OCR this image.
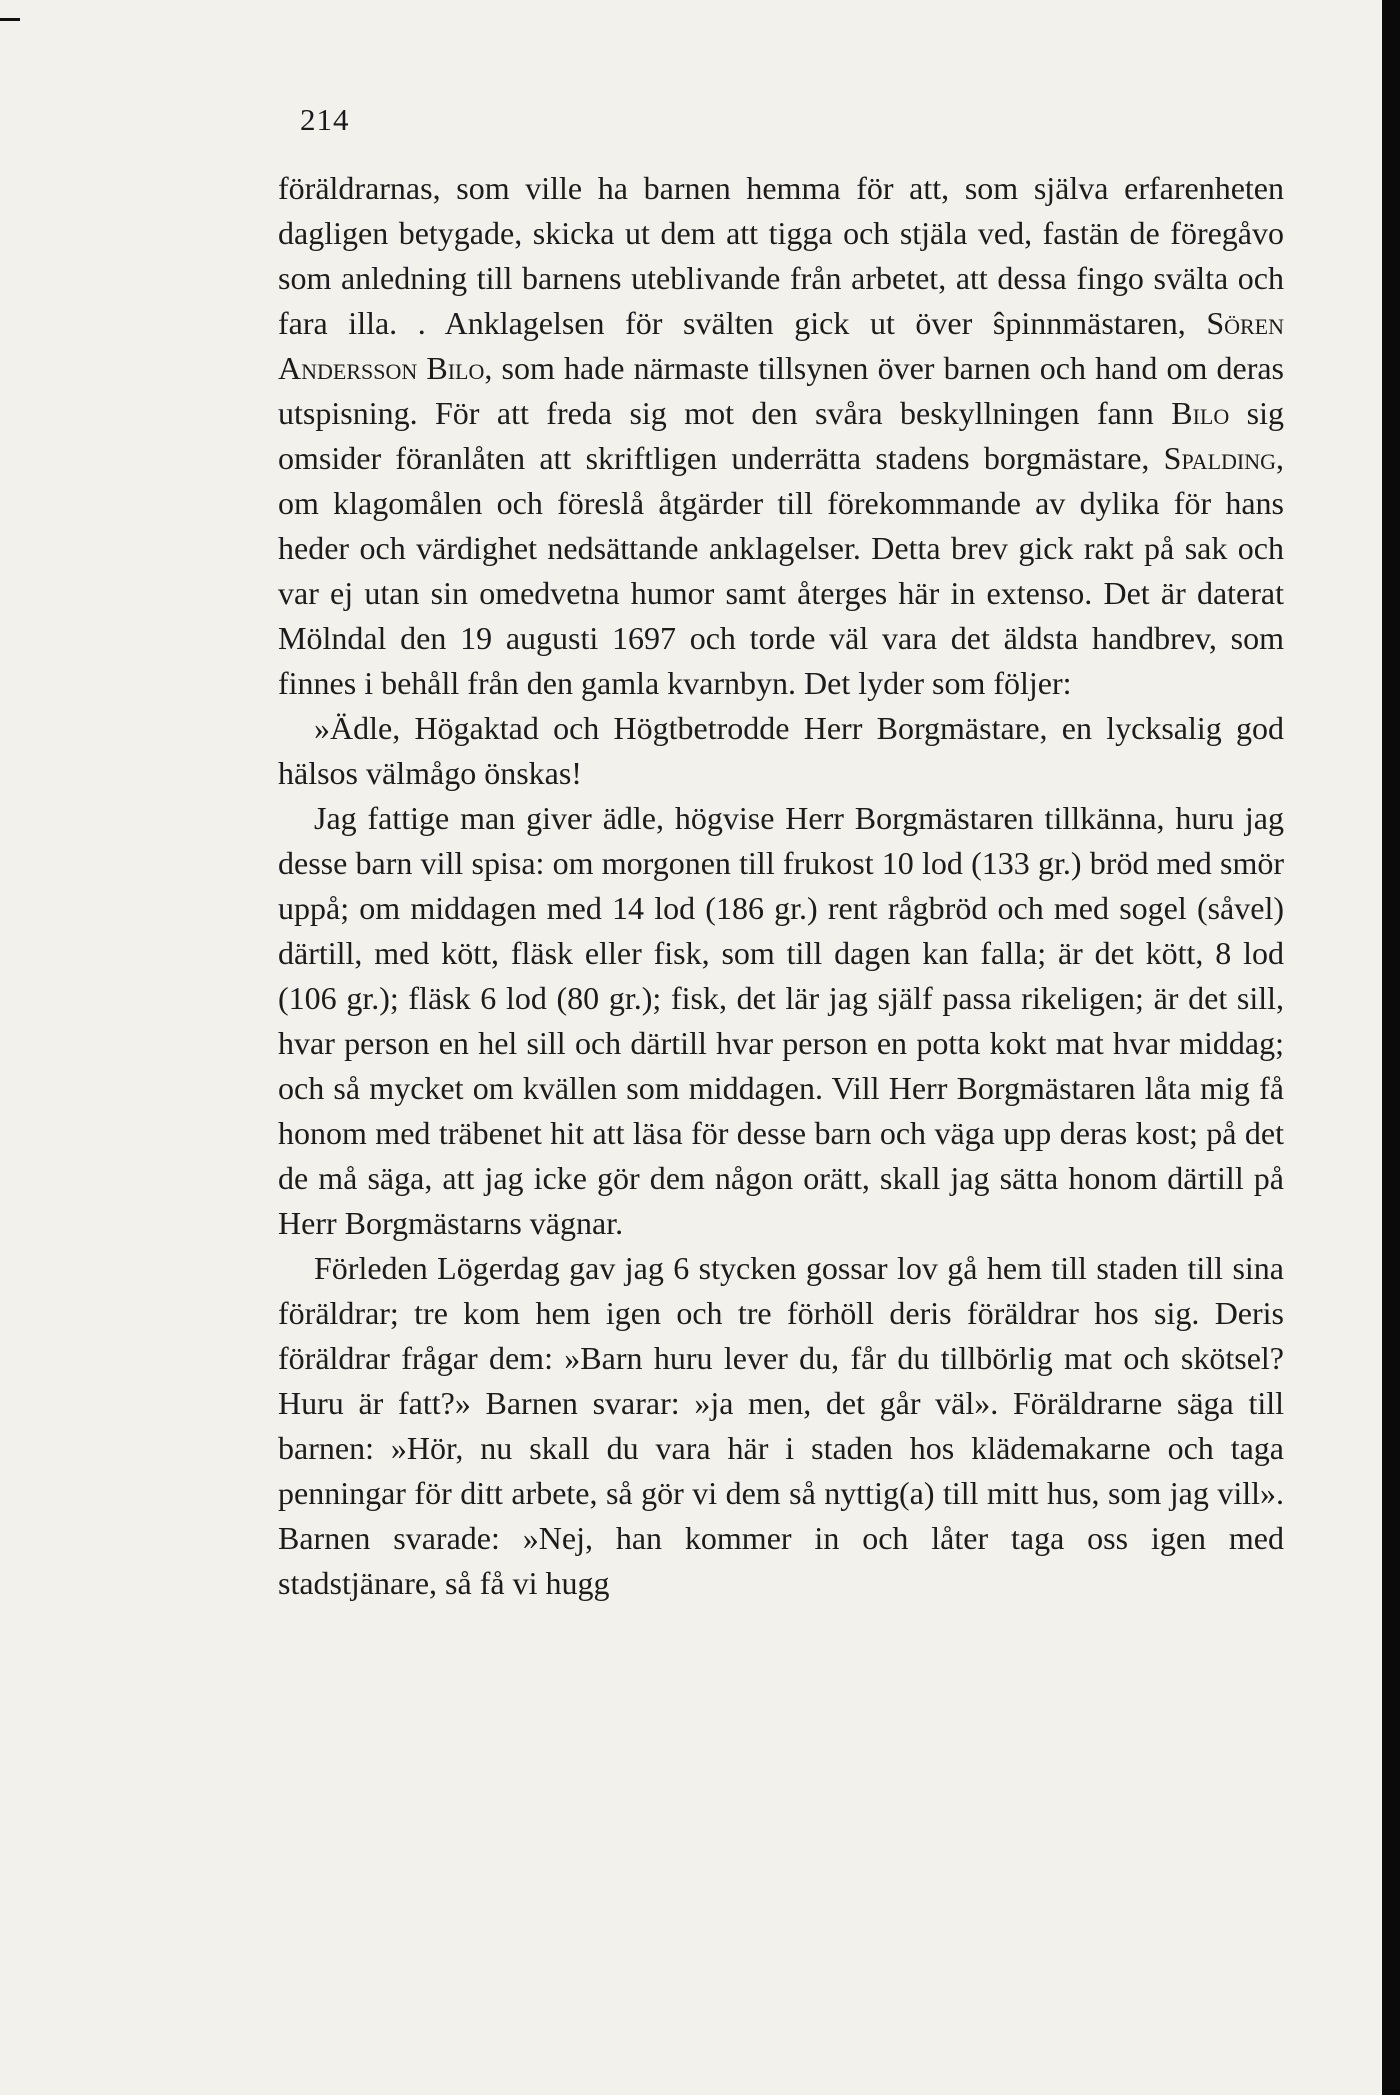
214

föräldrarnas, som ville ha barnen hemma för att, som själva erfarenheten dagligen betygade, skicka ut dem att tigga och stjäla ved, fastän de föregåvo som anledning till barnens uteblivande från arbetet, att dessa fingo svälta och fara illa. . Anklagelsen för svälten gick ut över ŝpinnmästaren, Sören Andersson Bilo, som hade närmaste tillsynen över barnen och hand om deras utspisning. För att freda sig mot den svåra beskyllningen fann Bilo sig omsider föranlåten att skriftligen underrätta stadens borgmästare, Spalding, om klagomålen och föreslå åtgärder till förekommande av dylika för hans heder och värdighet nedsättande anklagelser. Detta brev gick rakt på sak och var ej utan sin omedvetna humor samt återges här in extenso. Det är daterat Mölndal den 19 augusti 1697 och torde väl vara det äldsta handbrev, som finnes i behåll från den gamla kvarnbyn. Det lyder som följer:

»Ädle, Högaktad och Högtbetrodde Herr Borgmästare, en lycksalig god hälsos välmågo önskas!

Jag fattige man giver ädle, högvise Herr Borgmästaren tillkänna, huru jag desse barn vill spisa: om morgonen till frukost 10 lod (133 gr.) bröd med smör uppå; om middagen med 14 lod (186 gr.) rent rågbröd och med sogel (såvel) därtill, med kött, fläsk eller fisk, som till dagen kan falla; är det kött, 8 lod (106 gr.); fläsk 6 lod (80 gr.); fisk, det lär jag själf passa rikeligen; är det sill, hvar person en hel sill och därtill hvar person en potta kokt mat hvar middag; och så mycket om kvällen som middagen. Vill Herr Borgmästaren låta mig få honom med träbenet hit att läsa för desse barn och väga upp deras kost; på det de må säga, att jag icke gör dem någon orätt, skall jag sätta honom därtill på Herr Borgmästarns vägnar.

Förleden Lögerdag gav jag 6 stycken gossar lov gå hem till staden till sina föräldrar; tre kom hem igen och tre förhöll deris föräldrar hos sig. Deris föräldrar frågar dem: »Barn huru lever du, får du tillbörlig mat och skötsel? Huru är fatt?» Barnen svarar: »ja men, det går väl». Föräldrarne säga till barnen: »Hör, nu skall du vara här i staden hos klädemakarne och taga penningar för ditt arbete, så gör vi dem så nyttig(a) till mitt hus, som jag vill». Barnen svarade: »Nej, han kommer in och låter taga oss igen med stadstjänare, så få vi hugg
